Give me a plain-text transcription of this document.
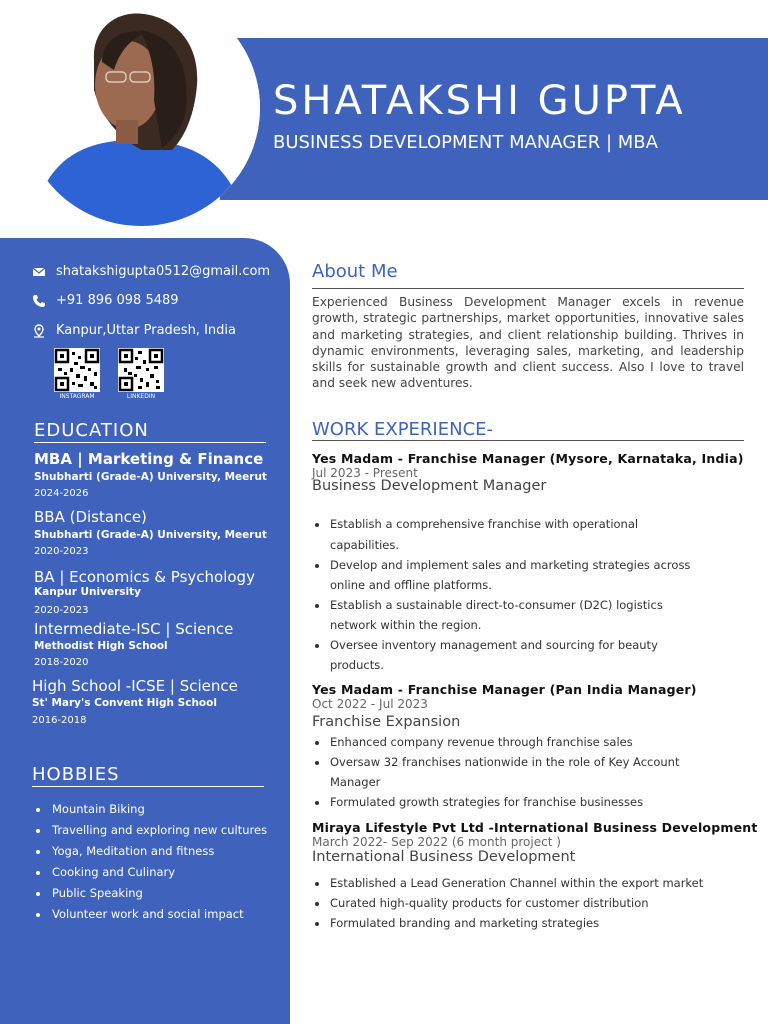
SHATAKSHI GUPTA
BUSINESS DEVELOPMENT MANAGER | MBA
shatakshigupta0512@gmail.com
+91 896 098 5489
Kanpur,Uttar Pradesh, India
INSTAGRAM	LINKEDIN
EDUCATION
MBA | Marketing & Finance
Shubharti (Grade-A) University, Meerut
2024-2026
BBA (Distance)
Shubharti (Grade-A) University, Meerut
2020-2023
BA | Economics & Psychology
Kanpur University
2020-2023
Intermediate-ISC | Science
Methodist High School
2018-2020
High School -ICSE | Science
St' Mary's Convent High School
2016-2018
HOBBIES
Mountain Biking
Travelling and exploring new cultures
Yoga, Meditation and fitness
Cooking and Culinary
Public Speaking
Volunteer work and social impact
About Me
Experienced Business Development Manager excels in revenue growth, strategic partnerships, market opportunities, innovative sales and marketing strategies, and client relationship building. Thrives in dynamic environments, leveraging sales, marketing, and leadership skills for sustainable growth and client success. Also I love to travel and seek new adventures.
WORK EXPERIENCE-
Yes Madam - Franchise Manager (Mysore, Karnataka, India)
Jul 2023 - Present
Business Development Manager
Establish a comprehensive franchise with operational
capabilities.
Develop and implement sales and marketing strategies across
online and offline platforms.
Establish a sustainable direct-to-consumer (D2C) logistics
network within the region.
Oversee inventory management and sourcing for beauty
products.
Yes Madam - Franchise Manager (Pan India Manager)
Oct 2022 - Jul 2023
Franchise Expansion
Enhanced company revenue through franchise sales
Oversaw 32 franchises nationwide in the role of Key Account
Manager
Formulated growth strategies for franchise businesses
Miraya Lifestyle Pvt Ltd -International Business Development
March 2022- Sep 2022 (6 month project )
International Business Development
Established a Lead Generation Channel within the export market
Curated high-quality products for customer distribution
Formulated branding and marketing strategies
